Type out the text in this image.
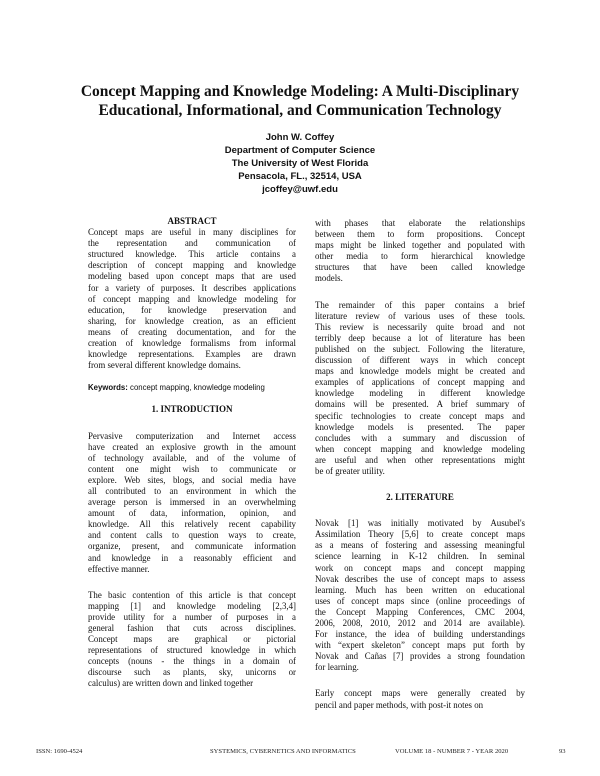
Concept Mapping and Knowledge Modeling: A Multi-Disciplinary
Educational, Informational, and Communication Technology
John W. Coffey
Department of Computer Science
The University of West Florida
Pensacola, FL., 32514, USA
jcoffey@uwf.edu

ABSTRACT

Concept maps are useful in many disciplines for
the representation and communication of
structured knowledge. This article contains a
description of concept mapping and knowledge
modeling based upon concept maps that are used
for a variety of purposes. It describes applications
of concept mapping and knowledge modeling for
education, for knowledge preservation and
sharing, for knowledge creation, as an efficient
means of creating documentation, and for the
creation of knowledge formalisms from informal
knowledge representations. Examples are drawn
from several different knowledge domains.

Keywords: concept mapping, knowledge modeling

1. INTRODUCTION

Pervasive computerization and Internet access
have created an explosive growth in the amount
of technology available, and of the volume of
content one might wish to communicate or
explore. Web sites, blogs, and social media have
all contributed to an environment in which the
average person is immersed in an overwhelming
amount of data, information, opinion, and
knowledge. All this relatively recent capability
and content calls to question ways to create,
organize, present, and communicate information
and knowledge in a reasonably efficient and
effective manner.
The basic contention of this article is that concept
mapping [1] and knowledge modeling [2,3,4]
provide utility for a number of purposes in a
general fashion that cuts across disciplines.
Concept maps are graphical or pictorial
representations of structured knowledge in which
concepts (nouns - the things in a domain of
discourse such as plants, sky, unicorns or
calculus) are written down and linked together
with phases that elaborate the relationships
between them to form propositions. Concept
maps might be linked together and populated with
other media to form hierarchical knowledge
structures that have been called knowledge
models.
The remainder of this paper contains a brief
literature review of various uses of these tools.
This review is necessarily quite broad and not
terribly deep because a lot of literature has been
published on the subject. Following the literature,
discussion of different ways in which concept
maps and knowledge models might be created and
examples of applications of concept mapping and
knowledge modeling in different knowledge
domains will be presented. A brief summary of
specific technologies to create concept maps and
knowledge models is presented. The paper
concludes with a summary and discussion of
when concept mapping and knowledge modeling
are useful and when other representations might
be of greater utility.

2. LITERATURE

Novak [1] was initially motivated by Ausubel's
Assimilation Theory [5,6] to create concept maps
as a means of fostering and assessing meaningful
science learning in K-12 children. In seminal
work on concept maps and concept mapping
Novak describes the use of concept maps to assess
learning. Much has been written on educational
uses of concept maps since (online proceedings of
the Concept Mapping Conferences, CMC 2004,
2006, 2008, 2010, 2012 and 2014 are available).
For instance, the idea of building understandings
with “expert skeleton” concept maps put forth by
Novak and Cañas [7] provides a strong foundation
for learning.
Early concept maps were generally created by
pencil and paper methods, with post-it notes on
ISSN: 1690-4524	SYSTEMICS, CYBERNETICS AND INFORMATICS	VOLUME 18 - NUMBER 7 - YEAR 2020	93
